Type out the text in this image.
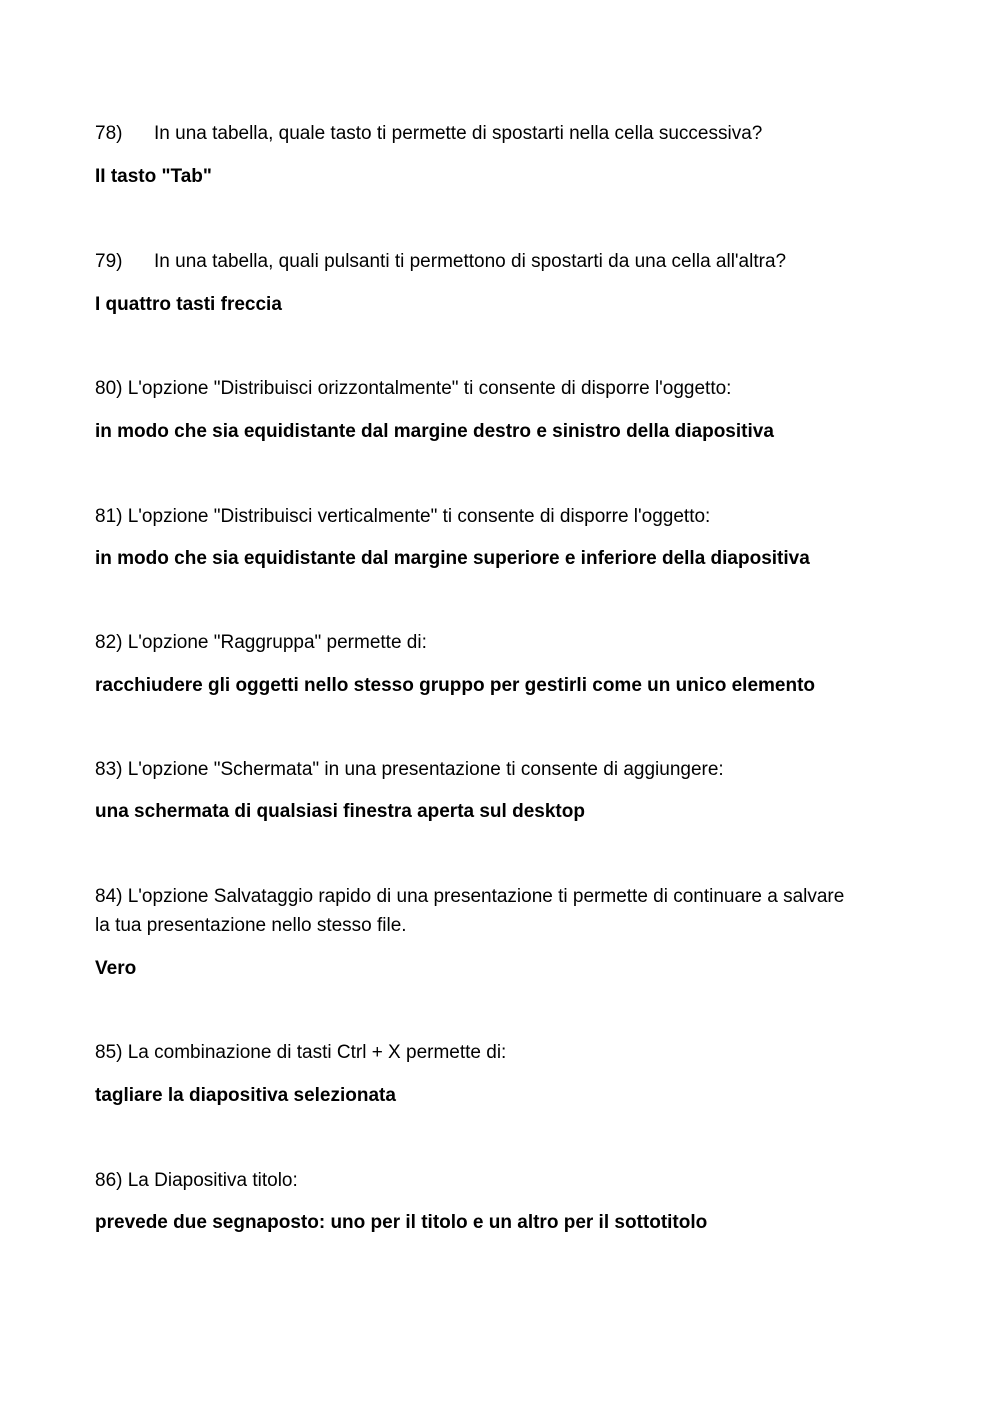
78) In una tabella, quale tasto ti permette di spostarti nella cella successiva?
II tasto "Tab"
79) In una tabella, quali pulsanti ti permettono di spostarti da una cella all'altra?
I quattro tasti freccia
80) L'opzione "Distribuisci orizzontalmente" ti consente di disporre l'oggetto:
in modo che sia equidistante dal margine destro e sinistro della diapositiva
81) L'opzione "Distribuisci verticalmente" ti consente di disporre l'oggetto:
in modo che sia equidistante dal margine superiore e inferiore della diapositiva
82) L'opzione "Raggruppa" permette di:
racchiudere gli oggetti nello stesso gruppo per gestirli come un unico elemento
83) L'opzione "Schermata" in una presentazione ti consente di aggiungere:
una schermata di qualsiasi finestra aperta sul desktop
84) L'opzione Salvataggio rapido di una presentazione ti permette di continuare a salvare
la tua presentazione nello stesso file.
Vero
85) La combinazione di tasti Ctrl + X permette di:
tagliare la diapositiva selezionata
86) La Diapositiva titolo:
prevede due segnaposto: uno per il titolo e un altro per il sottotitolo
